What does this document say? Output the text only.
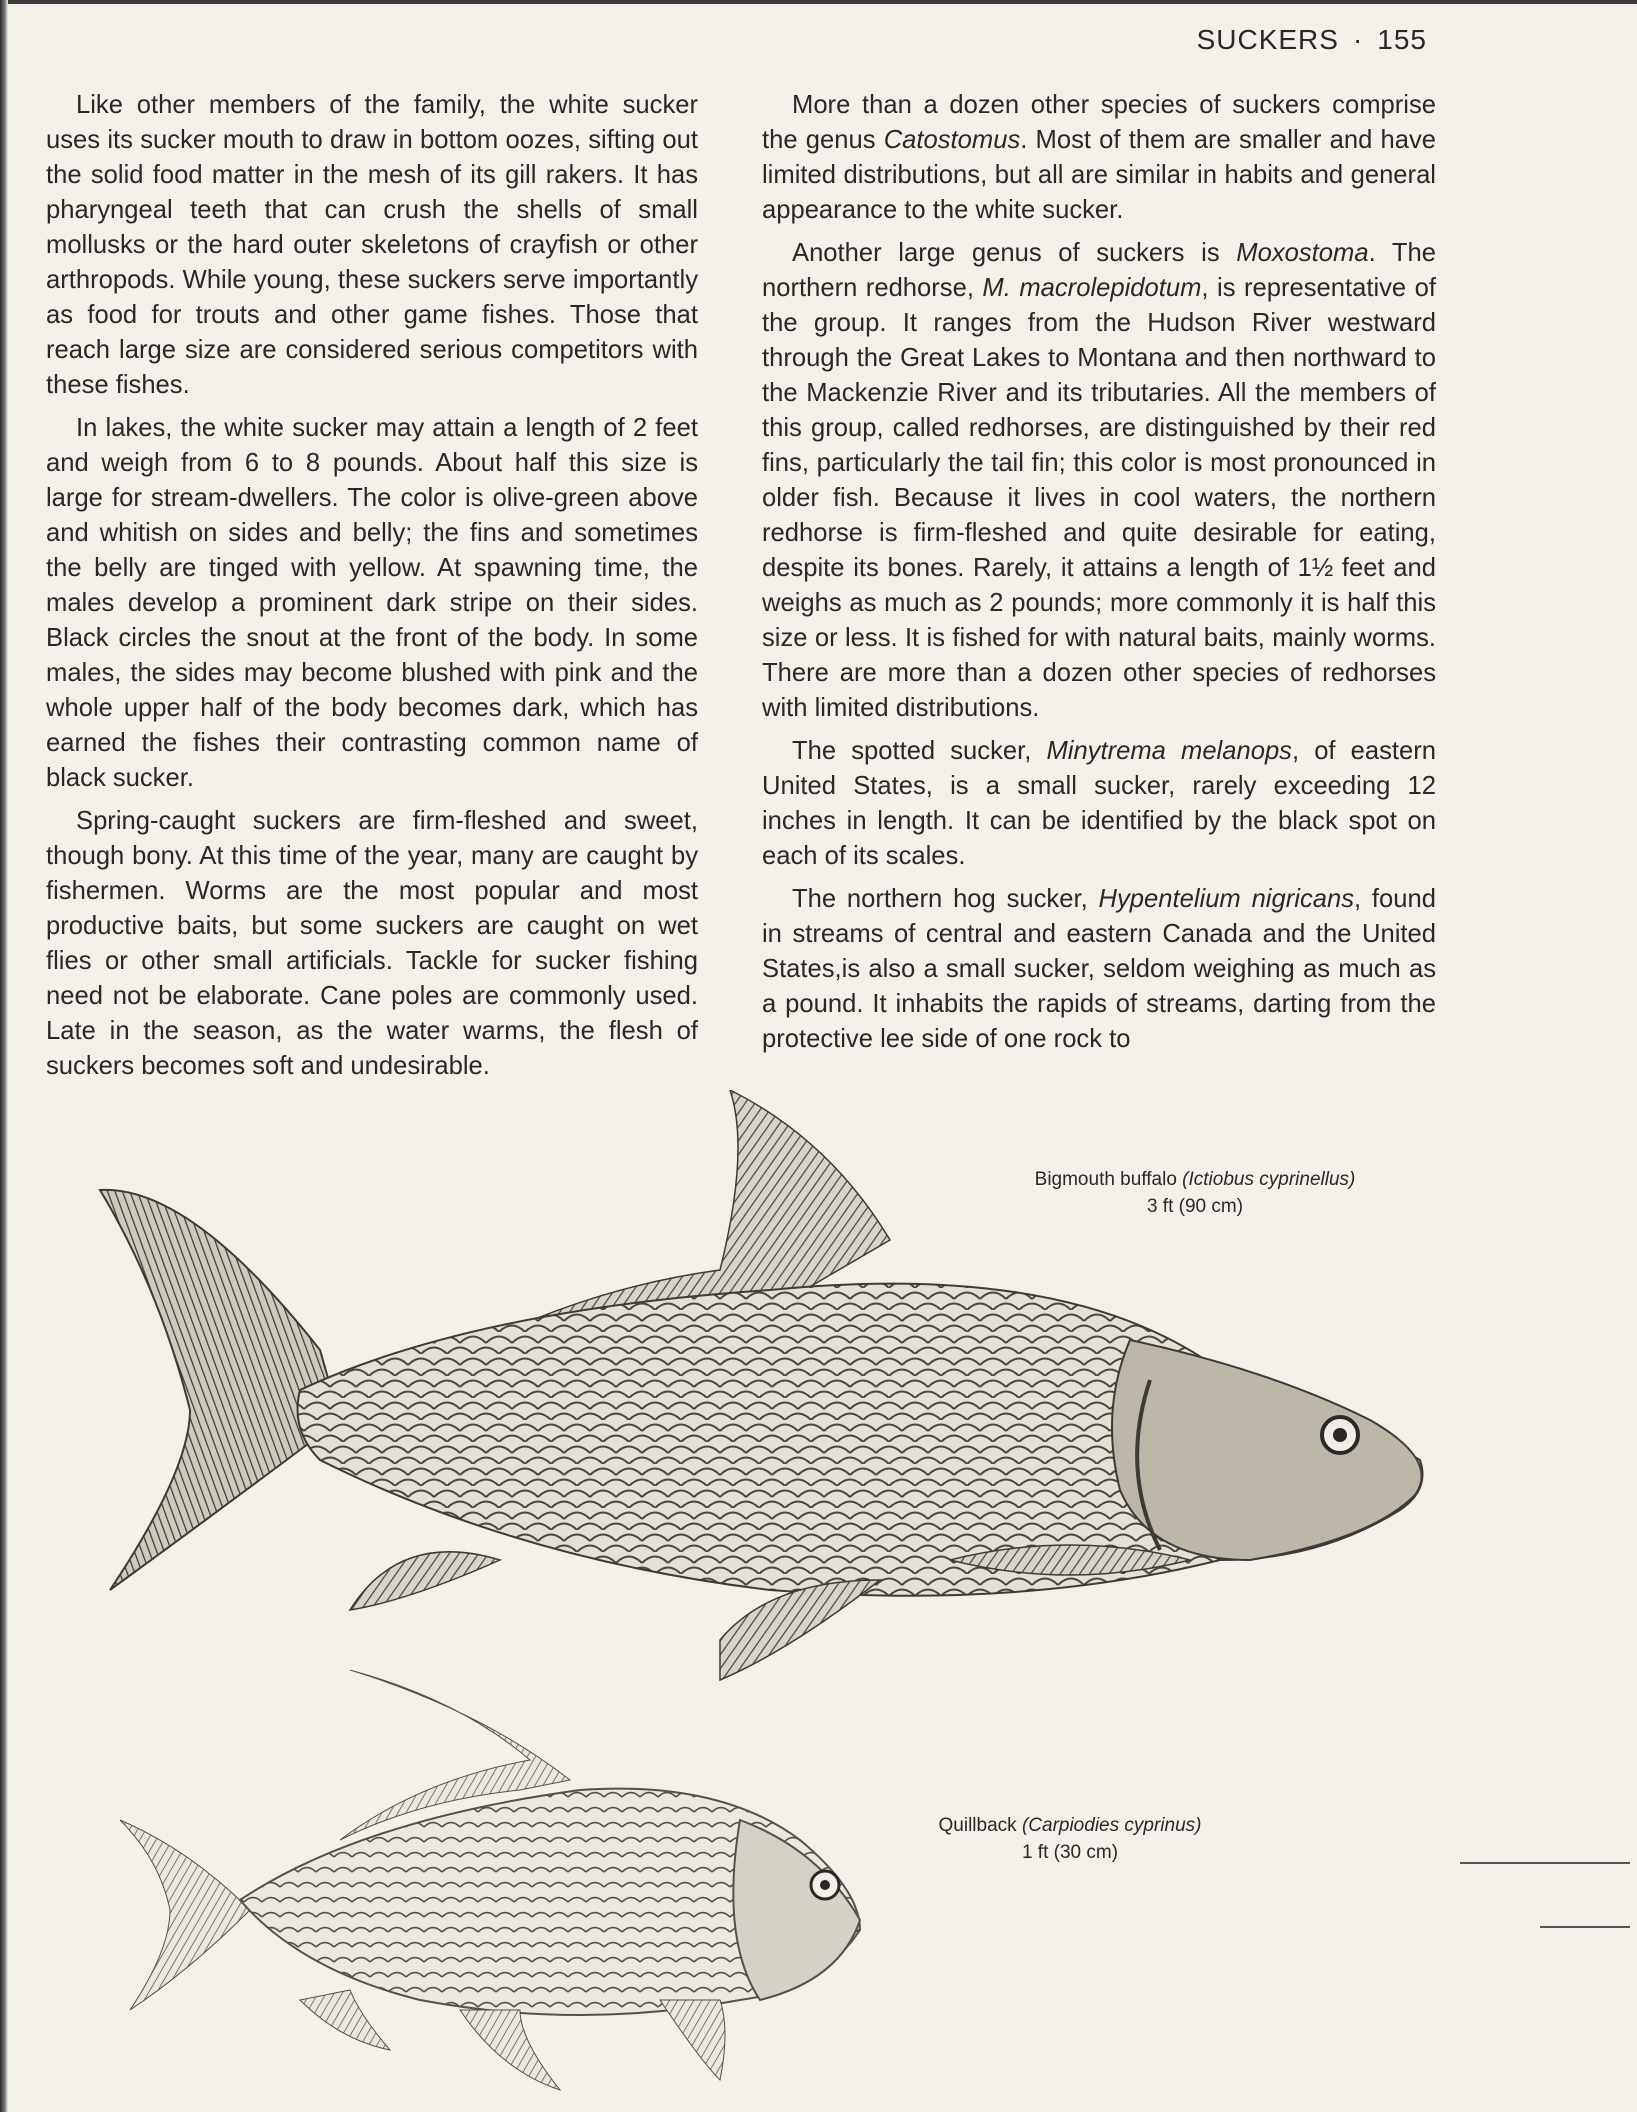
SUCKERS · 155

Like other members of the family, the white sucker uses its sucker mouth to draw in bottom oozes, sifting out the solid food matter in the mesh of its gill rakers. It has pharyngeal teeth that can crush the shells of small mollusks or the hard outer skeletons of crayfish or other arthropods. While young, these suckers serve importantly as food for trouts and other game fishes. Those that reach large size are considered serious competitors with these fishes.

In lakes, the white sucker may attain a length of 2 feet and weigh from 6 to 8 pounds. About half this size is large for stream-dwellers. The color is olive-green above and whitish on sides and belly; the fins and sometimes the belly are tinged with yellow. At spawning time, the males develop a prominent dark stripe on their sides. Black circles the snout at the front of the body. In some males, the sides may become blushed with pink and the whole upper half of the body becomes dark, which has earned the fishes their contrasting common name of black sucker.

Spring-caught suckers are firm-fleshed and sweet, though bony. At this time of the year, many are caught by fishermen. Worms are the most popular and most productive baits, but some suckers are caught on wet flies or other small artificials. Tackle for sucker fishing need not be elaborate. Cane poles are commonly used. Late in the season, as the water warms, the flesh of suckers becomes soft and undesirable.

More than a dozen other species of suckers comprise the genus Catostomus. Most of them are smaller and have limited distributions, but all are similar in habits and general appearance to the white sucker.

Another large genus of suckers is Moxostoma. The northern redhorse, M. macrolepidotum, is representative of the group. It ranges from the Hudson River westward through the Great Lakes to Montana and then northward to the Mackenzie River and its tributaries. All the members of this group, called redhorses, are distinguished by their red fins, particularly the tail fin; this color is most pronounced in older fish. Because it lives in cool waters, the northern redhorse is firm-fleshed and quite desirable for eating, despite its bones. Rarely, it attains a length of 1½ feet and weighs as much as 2 pounds; more commonly it is half this size or less. It is fished for with natural baits, mainly worms. There are more than a dozen other species of redhorses with limited distributions.

The spotted sucker, Minytrema melanops, of eastern United States, is a small sucker, rarely exceeding 12 inches in length. It can be identified by the black spot on each of its scales.

The northern hog sucker, Hypentelium nigricans, found in streams of central and eastern Canada and the United States,is also a small sucker, seldom weighing as much as a pound. It inhabits the rapids of streams, darting from the protective lee side of one rock to

Bigmouth buffalo (Ictiobus cyprinellus)
3 ft (90 cm)
Quillback (Carpiodies cyprinus)
1 ft (30 cm)
